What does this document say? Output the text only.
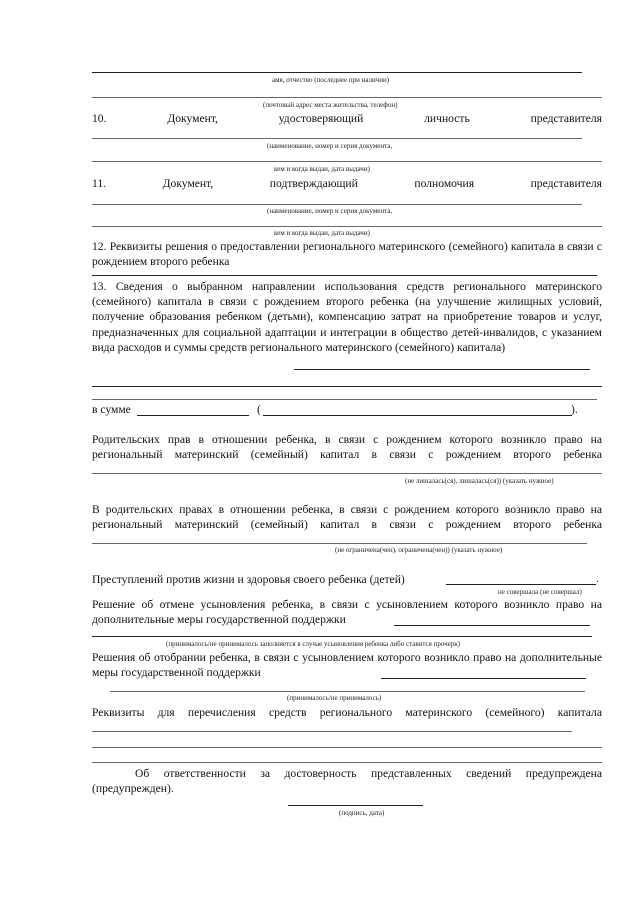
амя, отчество (последнее при наличии)
(почтовый адрес места жительства, телефон)
10.	Документ,	удостоверяющий	личность	представителя
(наименование, номер и серия документа,
кем и когда выдан, дата выдачи)
11.	Документ,	подтверждающий	полномочия	представителя
(наименование, номер и серия документа,
кем и когда выдан, дата выдачи)
12. Реквизиты решения о предоставлении регионального материнского (семейного) капитала в связи с рождением второго ребенка
13. Сведения о выбранном направлении использования средств регионального материнского (семейного) капитала в связи с рождением второго ребенка (на улучшение жилищных условий, получение образования ребенком (детьми), компенсацию затрат на приобретение товаров и услуг, предназначенных для социальной адаптации и интеграции в общество детей-инвалидов, с указанием вида расходов и суммы средств регионального материнского (семейного) капитала)
в сумме	(	).
Родительских прав в отношении ребенка, в связи с рождением которого возникло право на региональный материнский (семейный) капитал в связи с рождением второго ребенка
(не лишалась(ся), лишалась(ся)) (указать нужное)
В родительских правах в отношении ребенка, в связи с рождением которого возникло право на региональный материнский (семейный) капитал в связи с рождением второго ребенка
(не ограничена(чен), ограничена(чен)) (указать нужное)
Преступлений против жизни и здоровья своего ребенка (детей)	.
не совершала (не совершал)
Решение об отмене усыновления ребенка, в связи с усыновлением которого возникло право на дополнительные меры государственной поддержки
(принималось/не принималось заполняется в случае усыновления ребенка либо ставится прочерк)
Решения об отобрании ребенка, в связи с усыновлением которого возникло право на дополнительные меры государственной поддержки
(принималось/не принималось)
Реквизиты для перечисления средств регионального материнского (семейного) капитала
Об ответственности за достоверность представленных сведений предупреждена (предупрежден).
(подпись, дата)
